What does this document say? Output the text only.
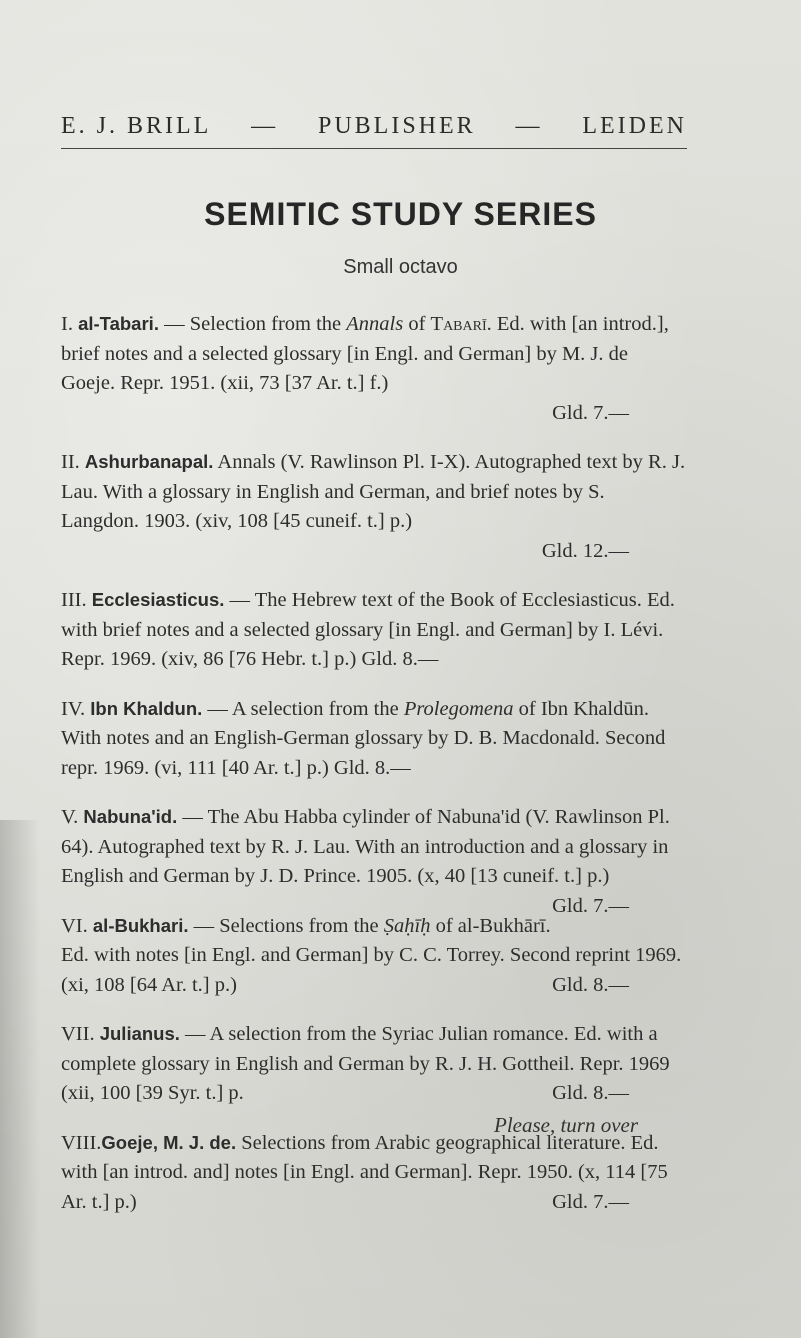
E. J. BRILL — PUBLISHER — LEIDEN
SEMITIC STUDY SERIES
Small octavo
I. al-Tabari. — Selection from the Annals of Tabarī. Ed. with [an introd.], brief notes and a selected glossary [in Engl. and German] by M. J. de Goeje. Repr. 1951. (xii, 73 [37 Ar. t.] f.)
Gld. 7.—
II. Ashurbanapal. Annals (V. Rawlinson Pl. I-X). Autographed text by R. J. Lau. With a glossary in English and German, and brief notes by S. Langdon. 1903. (xiv, 108 [45 cuneif. t.] p.)
Gld. 12.—
III. Ecclesiasticus. — The Hebrew text of the Book of Ecclesiasticus. Ed. with brief notes and a selected glossary [in Engl. and German] by I. Lévi. Repr. 1969. (xiv, 86 [76 Hebr. t.] p.) Gld. 8.—
IV. Ibn Khaldun. — A selection from the Prolegomena of Ibn Khaldūn. With notes and an English-German glossary by D. B. Macdonald. Second repr. 1969. (vi, 111 [40 Ar. t.] p.) Gld. 8.—
V. Nabuna'id. — The Abu Habba cylinder of Nabuna'id (V. Rawlinson Pl. 64). Autographed text by R. J. Lau. With an introduction and a glossary in English and German by J. D. Prince. 1905. (x, 40 [13 cuneif. t.] p.)
Gld. 7.—
VI. al-Bukhari. — Selections from the Ṣaḥīḥ of al-Bukhārī. Ed. with notes [in Engl. and German] by C. C. Torrey. Second reprint 1969. (xi, 108 [64 Ar. t.] p.)	Gld. 8.—
VII. Julianus. — A selection from the Syriac Julian romance. Ed. with a complete glossary in English and German by R. J. H. Gottheil. Repr. 1969 (xii, 100 [39 Syr. t.] p.	Gld. 8.—
VIII.Goeje, M. J. de. Selections from Arabic geographical literature. Ed. with [an introd. and] notes [in Engl. and German]. Repr. 1950. (x, 114 [75 Ar. t.] p.)	Gld. 7.—
Please, turn over
